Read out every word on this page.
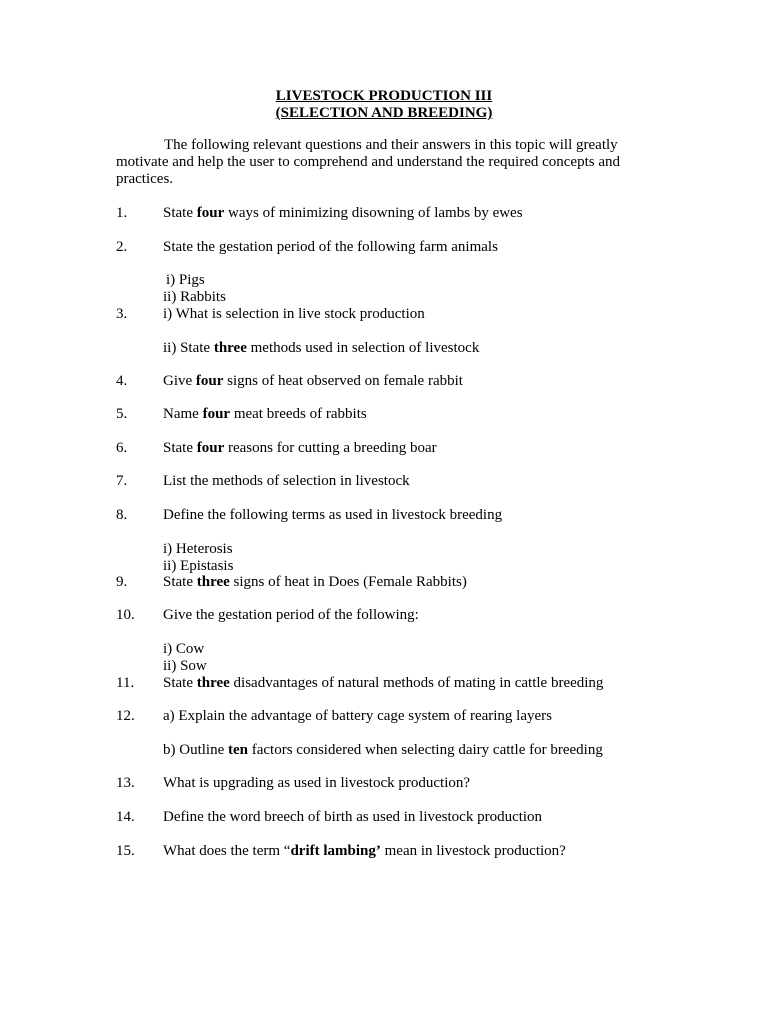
LIVESTOCK PRODUCTION III
(SELECTION AND BREEDING)
The following relevant questions and their answers in this topic will greatly motivate and help the user to comprehend and understand the required concepts and practices.
1. State four ways of minimizing disowning of lambs by ewes
2. State the gestation period of the following farm animals
i) Pigs
ii) Rabbits
3. i) What is selection in live stock production
ii) State three methods used in selection of livestock
4. Give four signs of heat observed on female rabbit
5. Name four meat breeds of rabbits
6. State four reasons for cutting a breeding boar
7. List the methods of selection in livestock
8. Define the following terms as used in livestock breeding
i) Heterosis
ii) Epistasis
9. State three signs of heat in Does (Female Rabbits)
10. Give the gestation period of the following:
i) Cow
ii) Sow
11. State three disadvantages of natural methods of mating in cattle breeding
12. a) Explain the advantage of battery cage system of rearing layers
b) Outline ten factors considered when selecting dairy cattle for breeding
13. What is upgrading as used in livestock production?
14. Define the word breech of birth as used in livestock production
15. What does the term “drift lambing’ mean in livestock production?
